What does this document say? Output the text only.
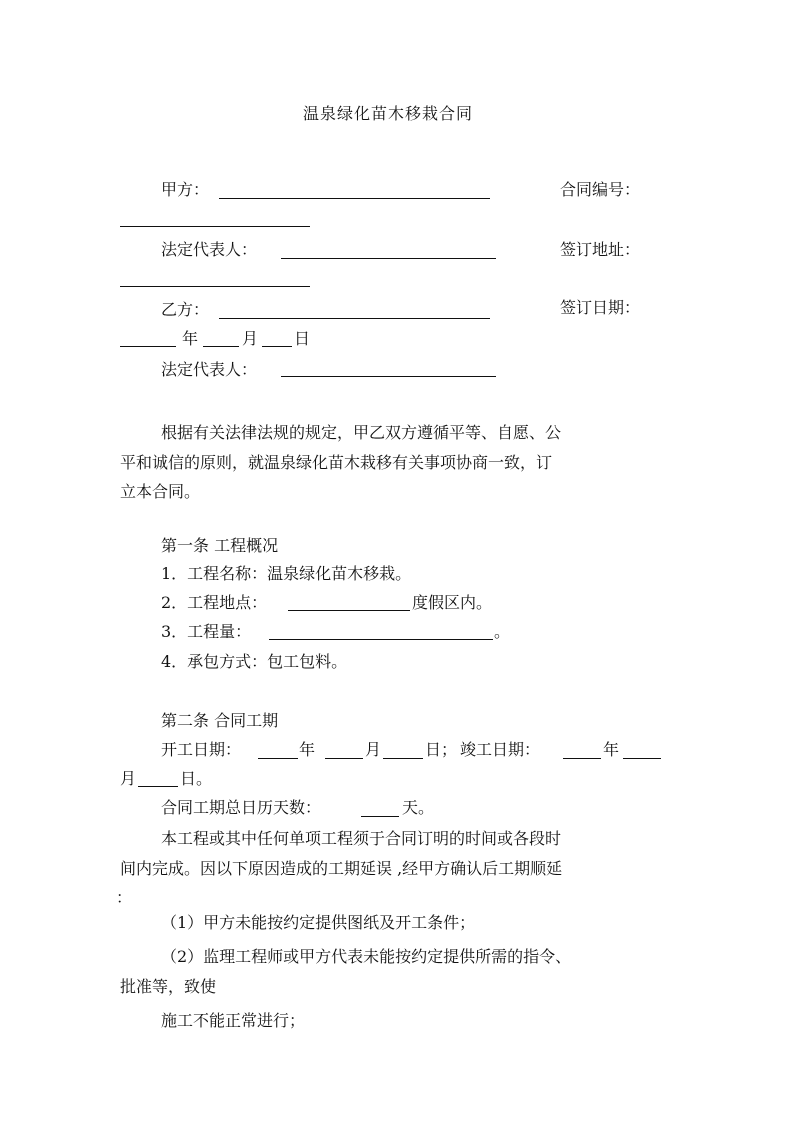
温泉绿化苗木移栽合同
甲方：	合同编号：
法定代表人：	签订地址：
乙方：	签订日期：
年	月 日
法定代表人：
根据有关法律法规的规定，甲乙双方遵循平等、自愿、公
平和诚信的原则，就温泉绿化苗木栽移有关事项协商一致，订
立本合同。
第一条 工程概况
1．工程名称：温泉绿化苗木移栽。
2．工程地点：	度假区内。
3．工程量：	。
4．承包方式：包工包料。
第二条 合同工期
开工日期：	年	月	日； 竣工日期：	年
月	日。
合同工期总日历天数：	天。
本工程或其中任何单项工程须于合同订明的时间或各段时
间内完成。因以下原因造成的工期延误 ,经甲方确认后工期顺延
：
（1）甲方未能按约定提供图纸及开工条件；
（2）监理工程师或甲方代表未能按约定提供所需的指令、
批准等，致使
施工不能正常进行；
